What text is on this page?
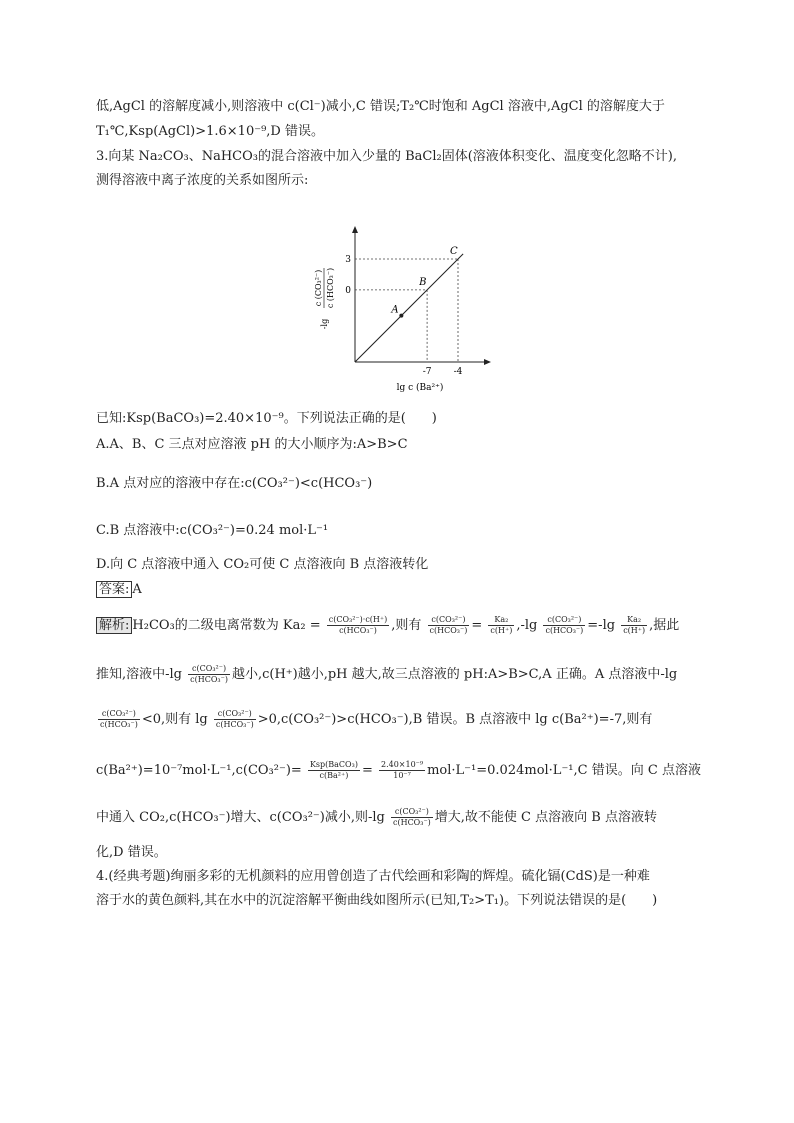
低,AgCl 的溶解度减小,则溶液中 c(Cl⁻)减小,C 错误;T₂℃时饱和 AgCl 溶液中,AgCl 的溶解度大于
T₁℃,Ksp(AgCl)>1.6×10⁻⁹,D 错误。
3.向某 Na₂CO₃、NaHCO₃的混合溶液中加入少量的 BaCl₂固体(溶液体积变化、温度变化忽略不计),
测得溶液中离子浓度的关系如图所示:
-7 -4
3
0
A
B
C
-lg
c (CO₃²⁻) c (HCO₃⁻)
lg c (Ba²⁺)
已知:Ksp(BaCO₃)=2.40×10⁻⁹。下列说法正确的是(　　)
A.A、B、C 三点对应溶液 pH 的大小顺序为:A>B>C
B.A 点对应的溶液中存在:c(CO₃²⁻)<c(HCO₃⁻)
C.B 点溶液中:c(CO₃²⁻)=0.24 mol·L⁻¹
D.向 C 点溶液中通入 CO₂可使 C 点溶液向 B 点溶液转化
答案: A
解析: H₂CO₃的二级电离常数为 $Ka_2 = \frac{\text{c(CO₃²⁻)·c(H⁺)}}{\text{c(HCO₃⁻)}}$ ,则有 $\frac{\text{c(CO₃²⁻)}}{\text{c(HCO₃⁻)}} = \frac{\text{Ka₂}}{c(H^+)} ,-\lg \frac{\text{c(CO₃²⁻)}}{\text{c(HCO₃⁻)}} =-\lg \frac{\text{Ka₂}}{c(H^+)}$ ,据此
推知,溶液中$-\lg \frac{\text{c(CO₃²⁻)}}{\text{c(HCO₃⁻)}}$ 越小,c(H⁺)越小,pH 越大,故三点溶液的 pH:A>B>C,A 正确。A 点溶液中-lg
$\frac{\text{c(CO₃²⁻)}}{\text{c(HCO₃⁻)}} <0$,则有 $\lg \frac{\text{c(CO₃²⁻)}}{\text{c(HCO₃⁻)}} >0,c(CO_3^{2-})>c(HCO_3^-),B$ 错误。B 点溶液中 lg c(Ba²⁺)=-7,则有
$c(Ba^{2+})=10^{-7}mol\cdot L^{-1},c(CO_3^{2-})= \frac{\text{Ksp(BaCO₃)}}{\text{c(Ba²⁺)}} = \frac{\text{2.40×10⁻⁹}}{\text{10⁻⁷}} mol\cdot L^{-1}=0.024mol\cdot L^{-1},C$ 错误。向 C 点溶液
中通入 CO₂,c(HCO₃⁻)增大、c(CO₃²⁻)减小,则$-\lg \frac{\text{c(CO₃²⁻)}}{\text{c(HCO₃⁻)}}$ 增大,故不能使 C 点溶液向 B 点溶液转
化,D 错误。
4.(经典考题)绚丽多彩的无机颜料的应用曾创造了古代绘画和彩陶的辉煌。硫化镉(CdS)是一种难
溶于水的黄色颜料,其在水中的沉淀溶解平衡曲线如图所示(已知,T₂>T₁)。下列说法错误的是(　　)
